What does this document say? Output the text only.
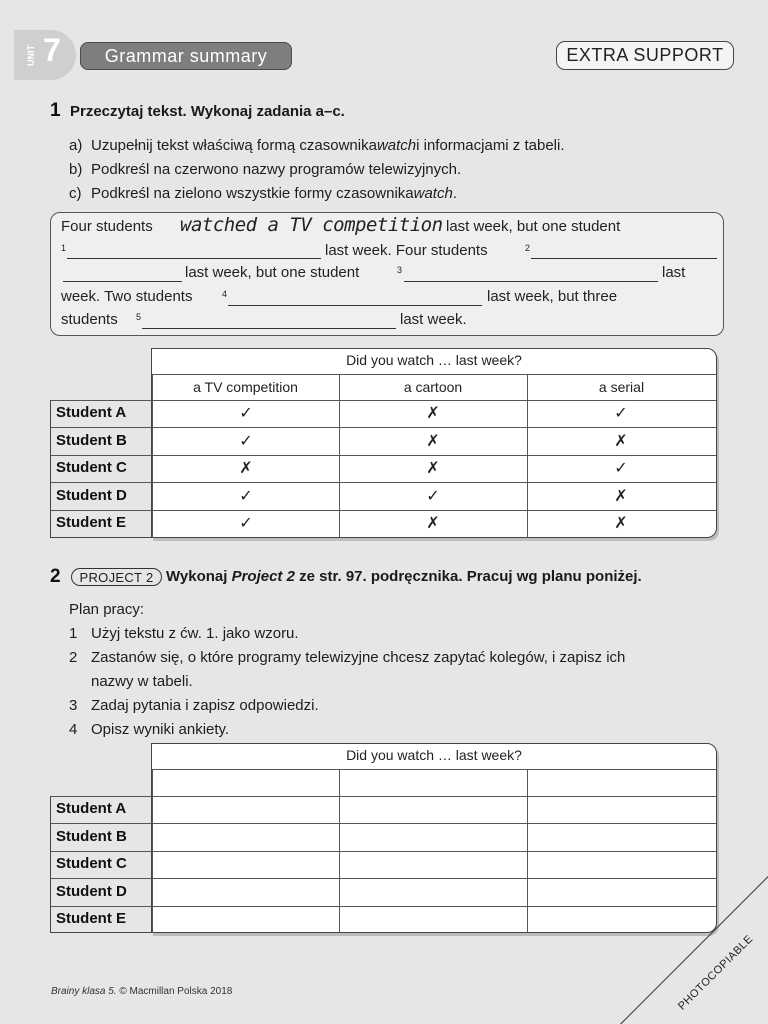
UNIT 7	Grammar summary	EXTRA SUPPORT
1 Przeczytaj tekst. Wykonaj zadania a–c.
a) Uzupełnij tekst właściwą formą czasownika watch i informacjami z tabeli.
b) Podkreśl na czerwono nazwy programów telewizyjnych.
c) Podkreśl na zielono wszystkie formy czasownika watch .
Four students watched a TV competition last week, but one student
1	last week. Four students	2
last week, but one student	3	last
week. Two students	4	last week, but three
students 5	last week.
Did you watch … last week?
a TV competition	a cartoon	a serial
Student A	✓	✗	✓
Student B	✓	✗	✗
Student C	✗	✗	✓
Student D	✓	✓	✗
Student E	✓	✗	✗
2	PROJECT 2 Wykonaj Project 2 ze str. 97. podręcznika. Pracuj wg planu poniżej.
Plan pracy:
1 Użyj tekstu z ćw. 1. jako wzoru.
2 Zastanów się, o które programy telewizyjne chcesz zapytać kolegów, i zapisz ich
nazwy w tabeli.
3 Zadaj pytania i zapisz odpowiedzi.
4 Opisz wyniki ankiety.
Did you watch … last week?
Student A
Student B
Student C
Student D
Student E
Brainy klasa 5. © Macmillan Polska 2018	PHOTOCOPIABLE
